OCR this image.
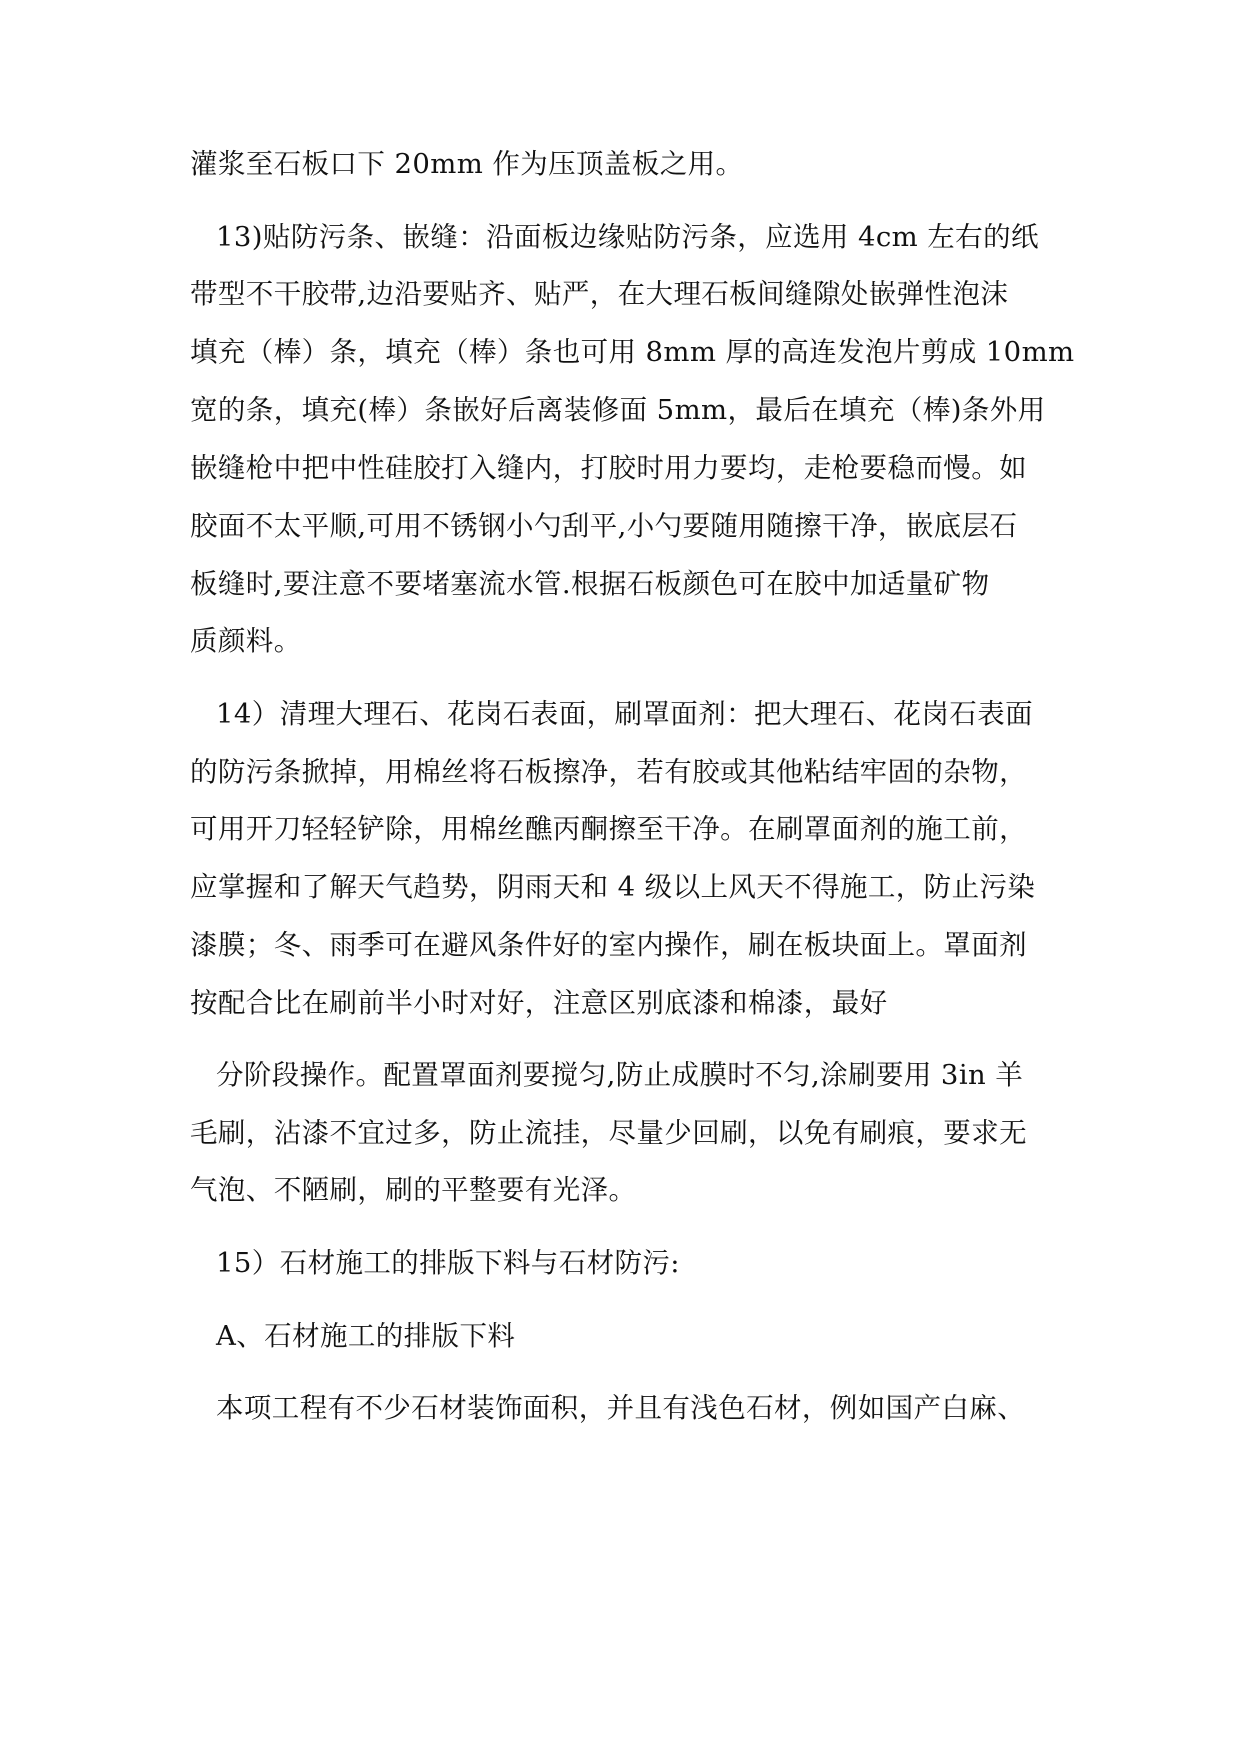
灌浆至石板口下 20mm 作为压顶盖板之用。
13)贴防污条、嵌缝：沿面板边缘贴防污条，应选用 4cm 左右的纸
带型不干胶带,边沿要贴齐、贴严，在大理石板间缝隙处嵌弹性泡沫
填充（棒）条，填充（棒）条也可用 8mm 厚的高连发泡片剪成 10mm
宽的条，填充(棒）条嵌好后离装修面 5mm，最后在填充（棒)条外用
嵌缝枪中把中性硅胶打入缝内，打胶时用力要均，走枪要稳而慢。如
胶面不太平顺,可用不锈钢小勺刮平,小勺要随用随擦干净，嵌底层石
板缝时,要注意不要堵塞流水管.根据石板颜色可在胶中加适量矿物
质颜料。
14）清理大理石、花岗石表面，刷罩面剂：把大理石、花岗石表面
的防污条掀掉，用棉丝将石板擦净，若有胶或其他粘结牢固的杂物，
可用开刀轻轻铲除，用棉丝醮丙酮擦至干净。在刷罩面剂的施工前，
应掌握和了解天气趋势，阴雨天和 4 级以上风天不得施工，防止污染
漆膜；冬、雨季可在避风条件好的室内操作，刷在板块面上。罩面剂
按配合比在刷前半小时对好，注意区别底漆和棉漆，最好
分阶段操作。配置罩面剂要搅匀,防止成膜时不匀,涂刷要用 3in 羊
毛刷，沾漆不宜过多，防止流挂，尽量少回刷，以免有刷痕，要求无
气泡、不陋刷，刷的平整要有光泽。
15）石材施工的排版下料与石材防污:
A、石材施工的排版下料
本项工程有不少石材装饰面积，并且有浅色石材，例如国产白麻、
